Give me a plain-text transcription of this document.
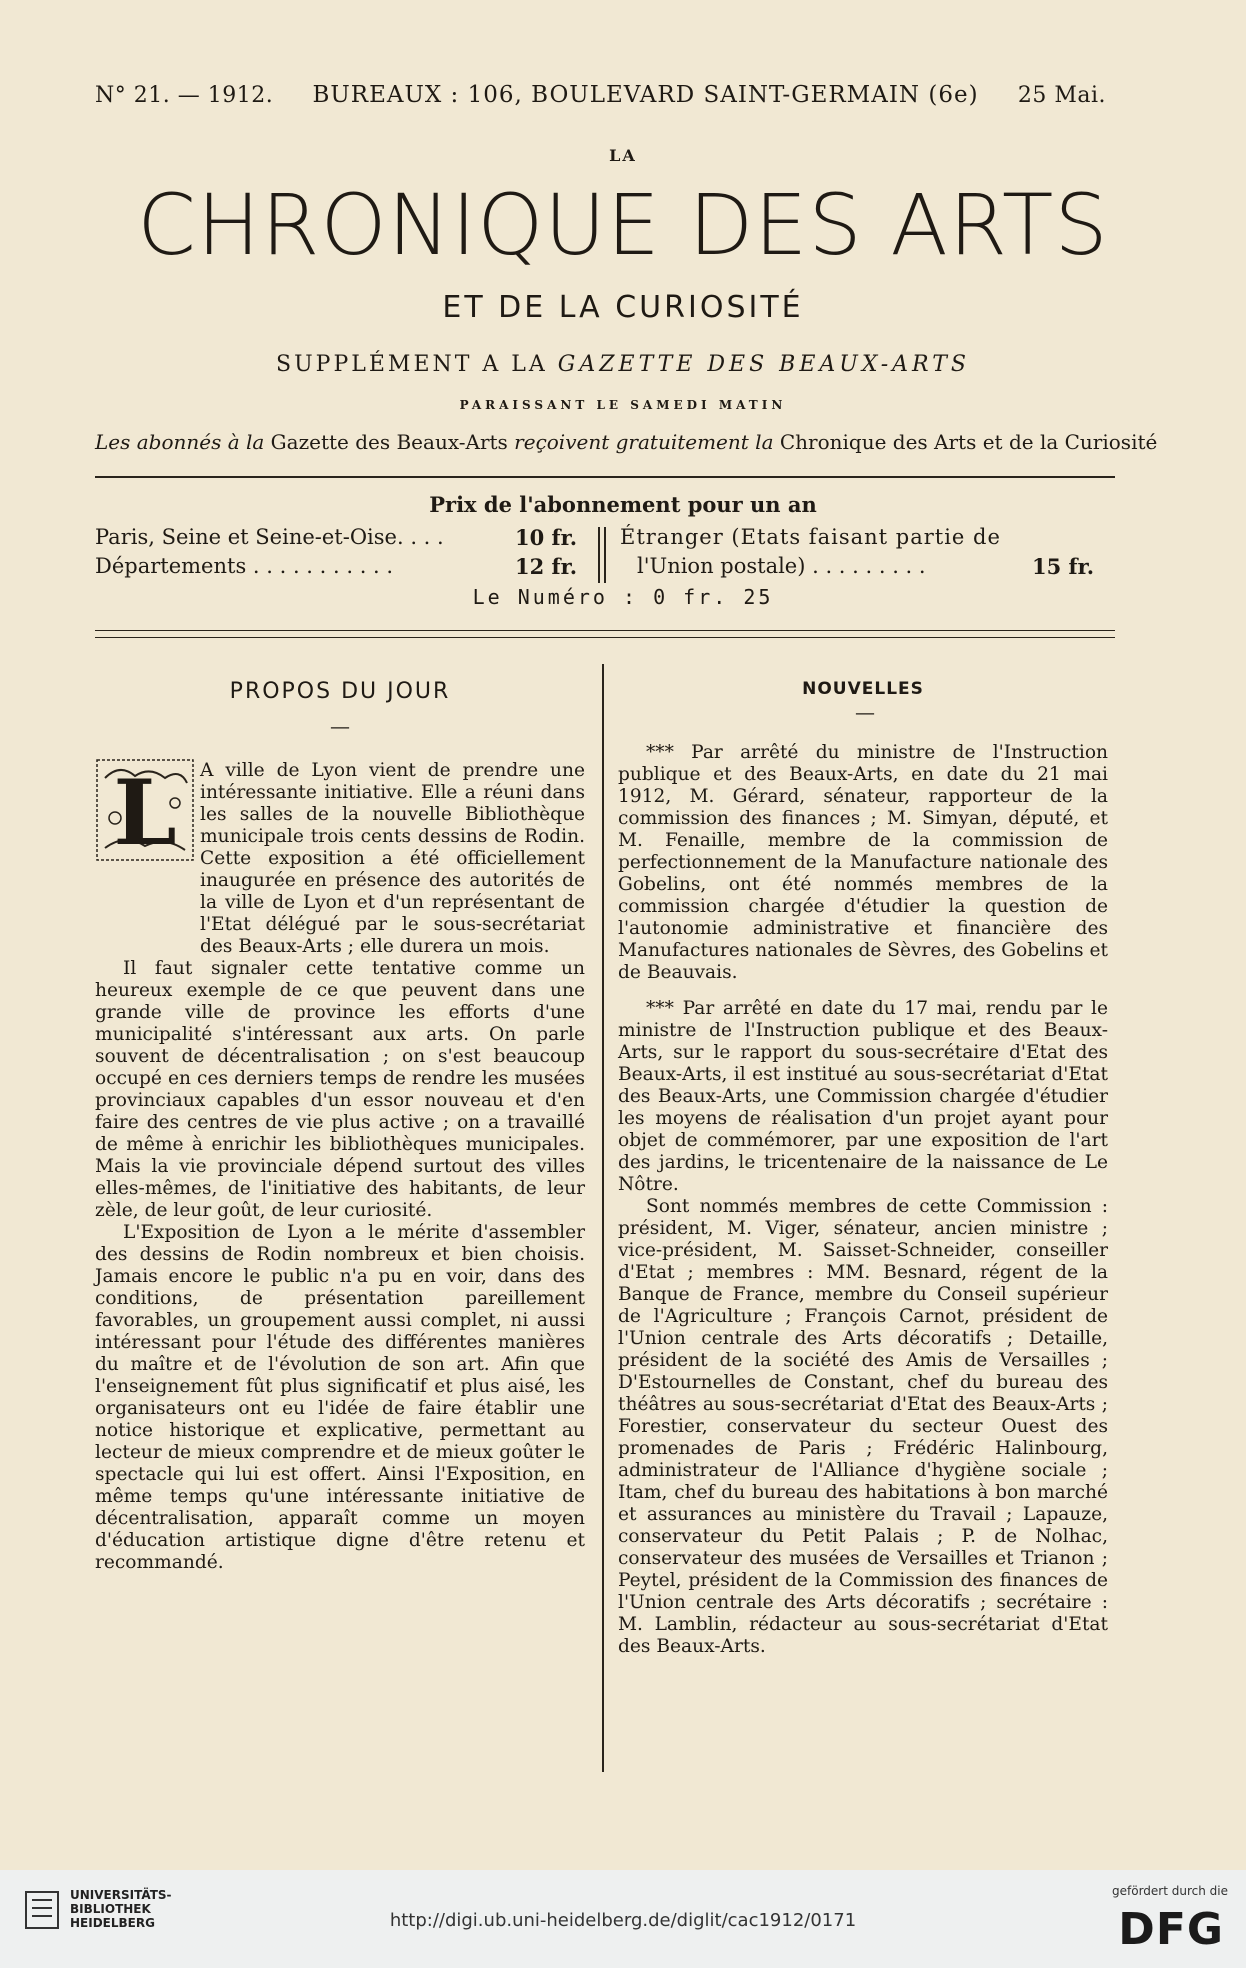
N° 21. — 1912. BUREAUX : 106, BOULEVARD SAINT-GERMAIN (6e) 25 Mai.
LA
CHRONIQUE DES ARTS
ET DE LA CURIOSITÉ
SUPPLÉMENT A LA GAZETTE DES BEAUX-ARTS
PARAISSANT LE SAMEDI MATIN
Les abonnés à la Gazette des Beaux-Arts reçoivent gratuitement la Chronique des Arts et de la Curiosité
Prix de l'abonnement pour un an
Paris, Seine et Seine-et-Oise. . . .	10 fr.
Départements . . . . . . . . . . .	12 fr.
Étranger (Etats faisant partie de
l'Union postale) . . . . . . . . .	15 fr.
Le Numéro : 0 fr. 25
PROPOS DU JOUR
—
L	A ville de Lyon vient de prendre une intéressante initiative. Elle a réuni dans les salles de la nouvelle Bibliothèque municipale trois cents dessins de Rodin. Cette exposition a été officiellement inaugurée en présence des autorités de la ville de Lyon et d'un représentant de l'Etat délégué par le sous-secrétariat des Beaux-Arts ; elle durera un mois.

Il faut signaler cette tentative comme un heureux exemple de ce que peuvent dans une grande ville de province les efforts d'une municipalité s'intéressant aux arts. On parle souvent de décentralisation ; on s'est beaucoup occupé en ces derniers temps de rendre les musées provinciaux capables d'un essor nouveau et d'en faire des centres de vie plus active ; on a travaillé de même à enrichir les bibliothèques municipales. Mais la vie provinciale dépend surtout des villes elles-mêmes, de l'initiative des habitants, de leur zèle, de leur goût, de leur curiosité.

L'Exposition de Lyon a le mérite d'assembler des dessins de Rodin nombreux et bien choisis. Jamais encore le public n'a pu en voir, dans des conditions, de présentation pareillement favorables, un groupement aussi complet, ni aussi intéressant pour l'étude des différentes manières du maître et de l'évolution de son art. Afin que l'enseignement fût plus significatif et plus aisé, les organisateurs ont eu l'idée de faire établir une notice historique et explicative, permettant au lecteur de mieux comprendre et de mieux goûter le spectacle qui lui est offert. Ainsi l'Exposition, en même temps qu'une intéressante initiative de décentralisation, apparaît comme un moyen d'éducation artistique digne d'être retenu et recommandé.

NOUVELLES
—

*** Par arrêté du ministre de l'Instruction publique et des Beaux-Arts, en date du 21 mai 1912, M. Gérard, sénateur, rapporteur de la commission des finances ; M. Simyan, député, et M. Fenaille, membre de la commission de perfectionnement de la Manufacture nationale des Gobelins, ont été nommés membres de la commission chargée d'étudier la question de l'autonomie administrative et financière des Manufactures nationales de Sèvres, des Gobelins et de Beauvais.

*** Par arrêté en date du 17 mai, rendu par le ministre de l'Instruction publique et des Beaux-Arts, sur le rapport du sous-secrétaire d'Etat des Beaux-Arts, il est institué au sous-secrétariat d'Etat des Beaux-Arts, une Commission chargée d'étudier les moyens de réalisation d'un projet ayant pour objet de commémorer, par une exposition de l'art des jardins, le tricentenaire de la naissance de Le Nôtre.

Sont nommés membres de cette Commission : président, M. Viger, sénateur, ancien ministre ; vice-président, M. Saisset-Schneider, conseiller d'Etat ; membres : MM. Besnard, régent de la Banque de France, membre du Conseil supérieur de l'Agriculture ; François Carnot, président de l'Union centrale des Arts décoratifs ; Detaille, président de la société des Amis de Versailles ; D'Estournelles de Constant, chef du bureau des théâtres au sous-secrétariat d'Etat des Beaux-Arts ; Forestier, conservateur du secteur Ouest des promenades de Paris ; Frédéric Halinbourg, administrateur de l'Alliance d'hygiène sociale ; Itam, chef du bureau des habitations à bon marché et assurances au ministère du Travail ; Lapauze, conservateur du Petit Palais ; P. de Nolhac, conservateur des musées de Versailles et Trianon ; Peytel, président de la Commission des finances de l'Union centrale des Arts décoratifs ; secrétaire : M. Lamblin, rédacteur au sous-secrétariat d'Etat des Beaux-Arts.

UNIVERSITÄTS-
BIBLIOTHEK
HEIDELBERG	http://digi.ub.uni-heidelberg.de/diglit/cac1912/0171
gefördert durch die
DFG
